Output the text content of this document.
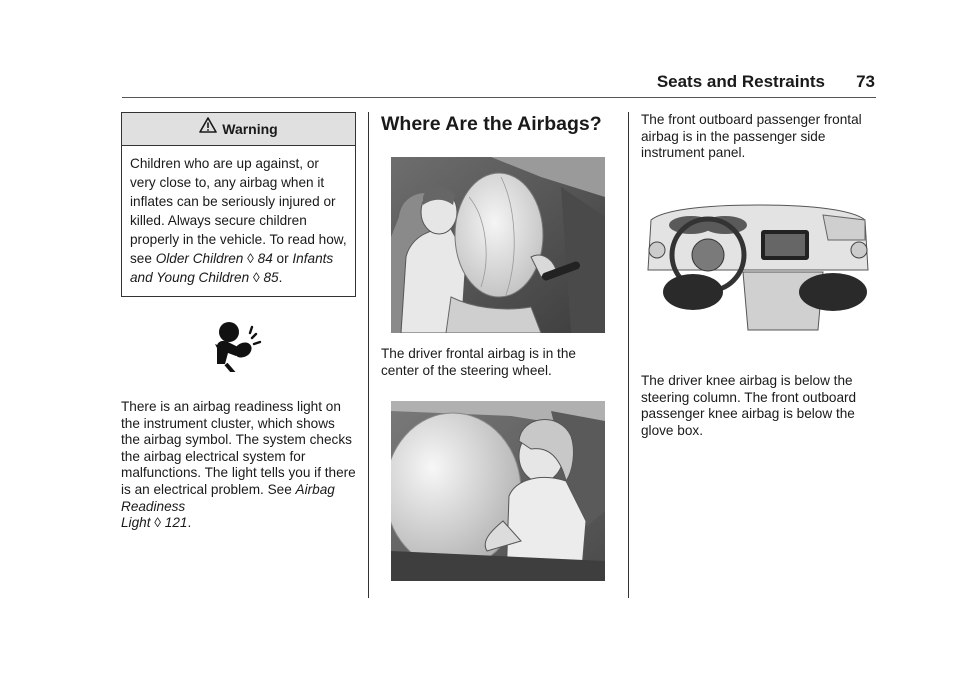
Seats and Restraints 73
Warning
Children who are up against, or very close to, any airbag when it inflates can be seriously injured or killed. Always secure children properly in the vehicle. To read how, see Older Children ◊ 84 or Infants and Young Children ◊ 85.
There is an airbag readiness light on the instrument cluster, which shows the airbag symbol. The system checks the airbag electrical system for malfunctions. The light tells you if there is an electrical problem. See Airbag Readiness
Light ◊ 121.
Where Are the Airbags?
The driver frontal airbag is in the center of the steering wheel.
The front outboard passenger frontal airbag is in the passenger side instrument panel.
The driver knee airbag is below the steering column. The front outboard passenger knee airbag is below the glove box.
